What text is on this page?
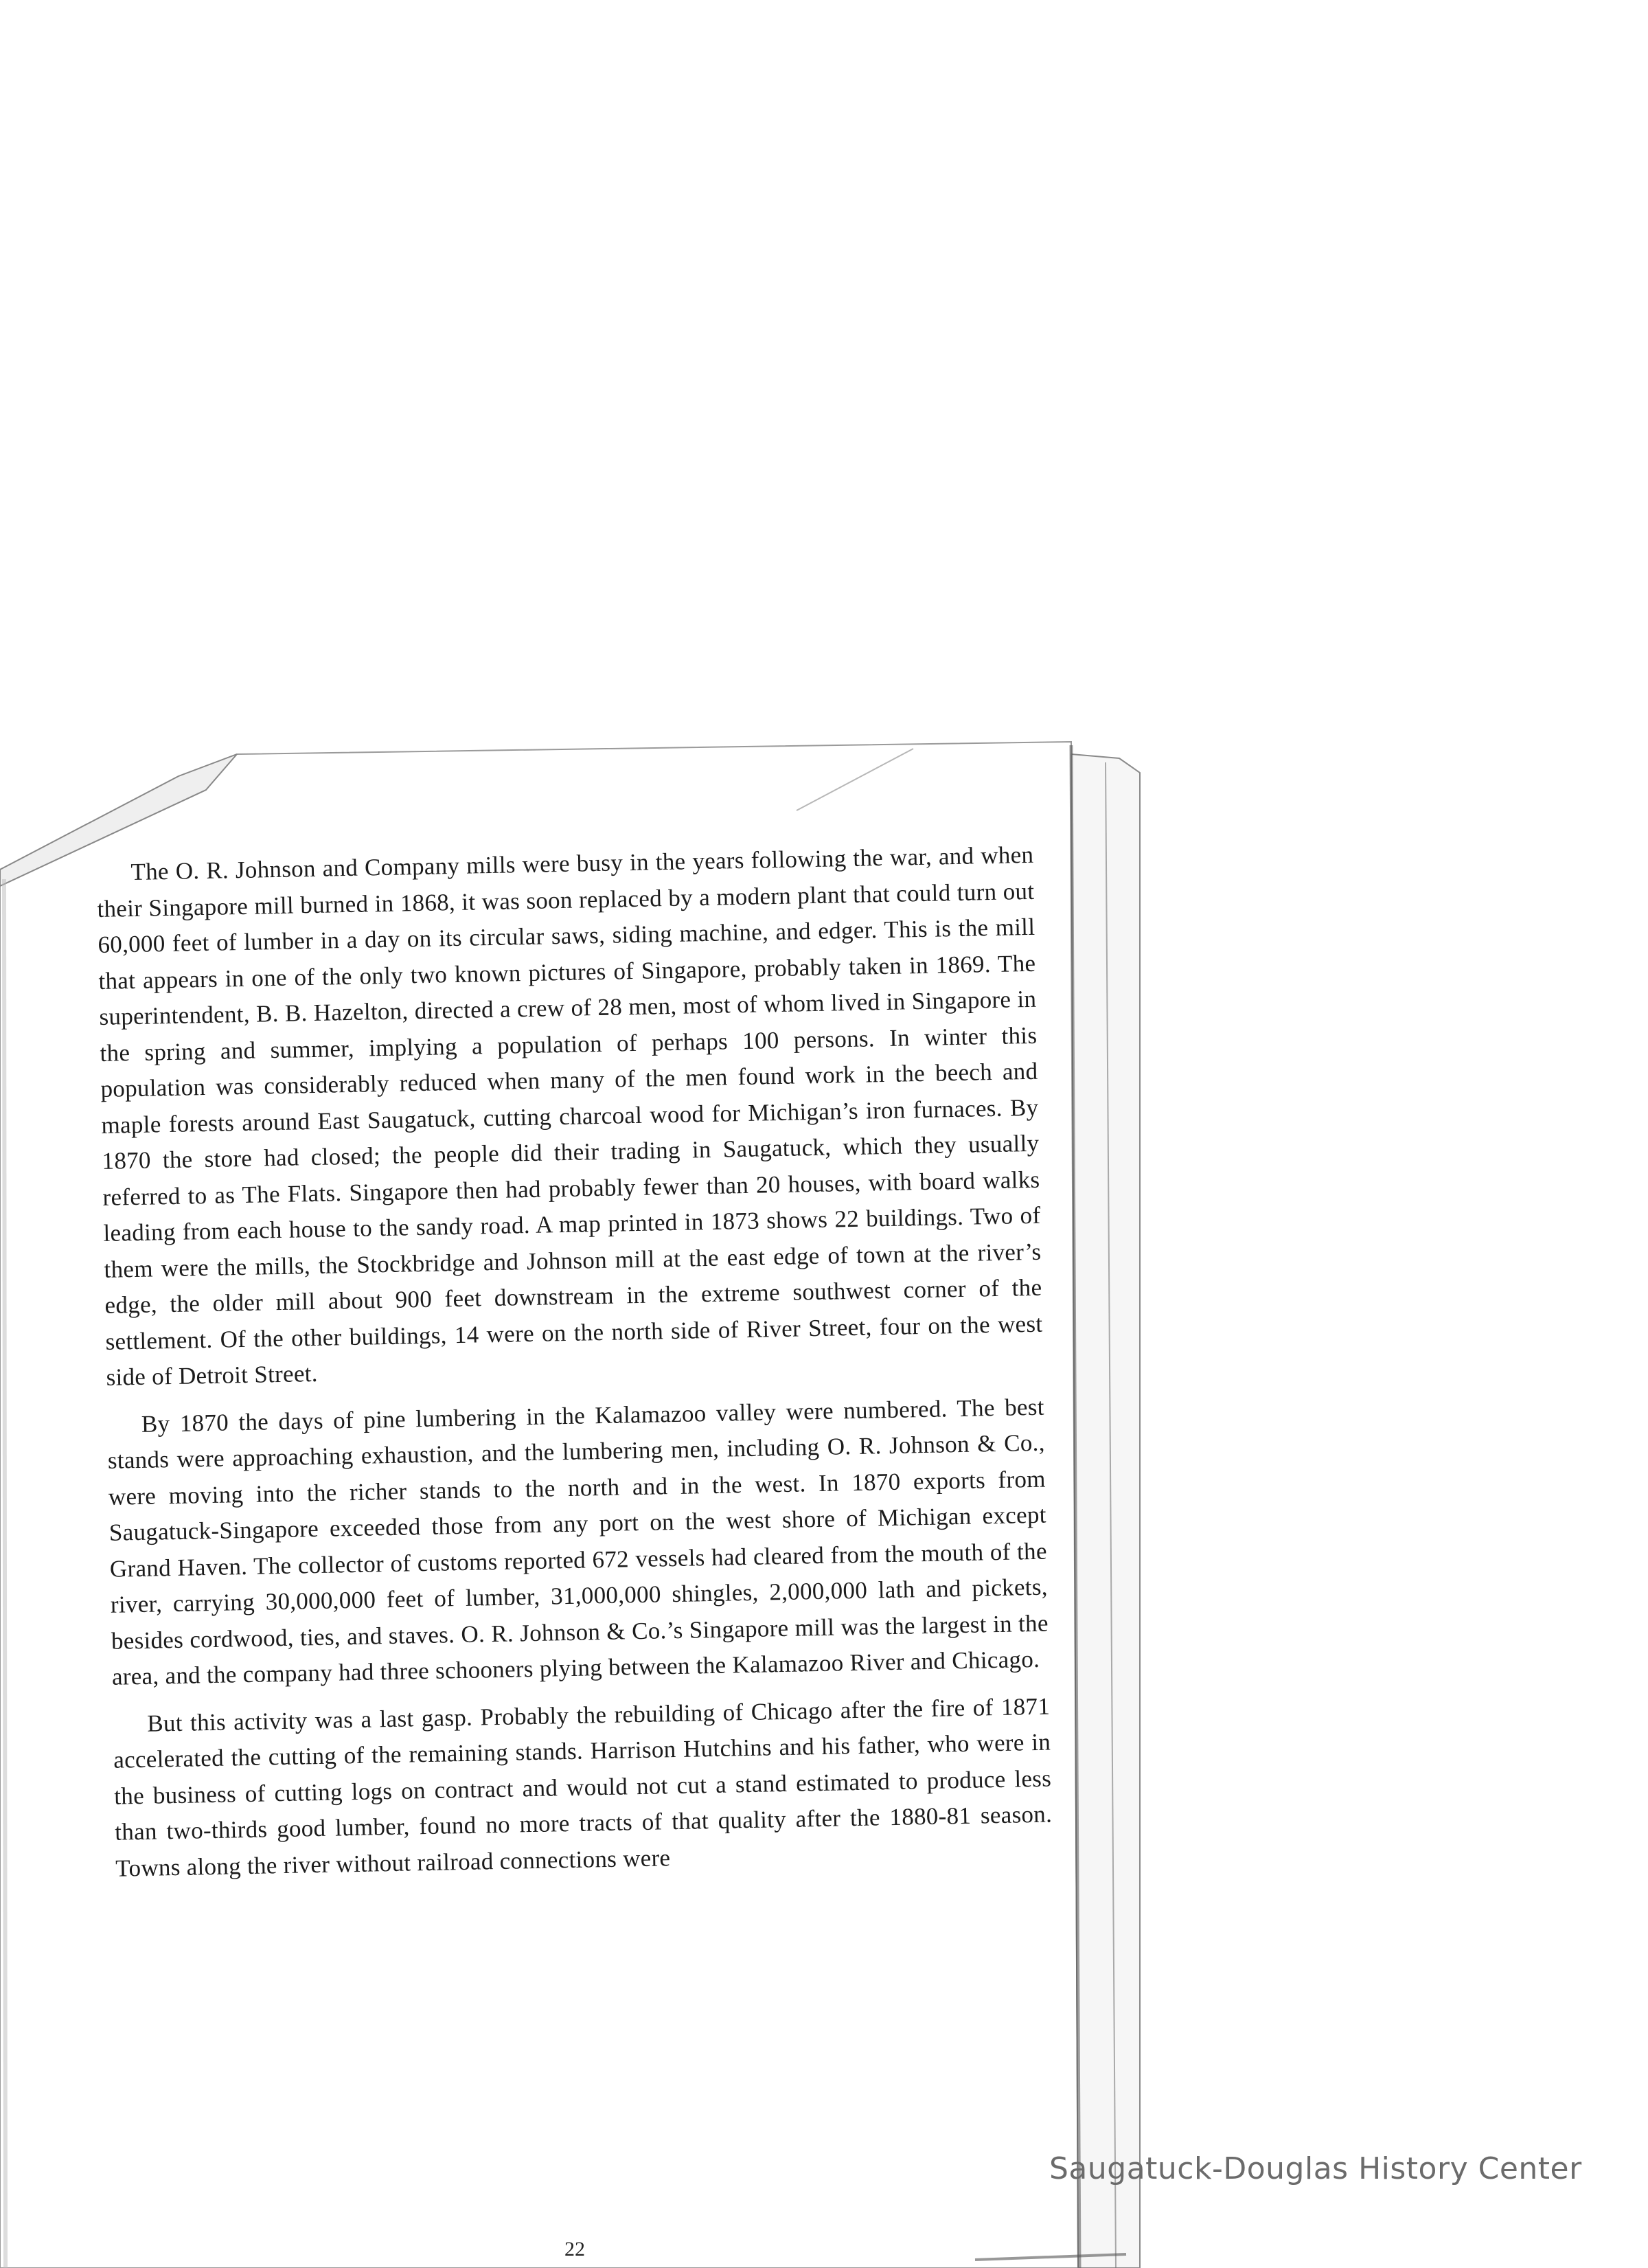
The O. R. Johnson and Company mills were busy in the years following the war, and when their Singapore mill burned in 1868, it was soon replaced by a modern plant that could turn out 60,000 feet of lumber in a day on its circular saws, siding machine, and edger. This is the mill that appears in one of the only two known pictures of Singapore, probably taken in 1869. The superintendent, B. B. Hazelton, directed a crew of 28 men, most of whom lived in Singapore in the spring and summer, implying a population of perhaps 100 persons. In winter this population was considerably reduced when many of the men found work in the beech and maple forests around East Saugatuck, cutting charcoal wood for Michigan’s iron furnaces. By 1870 the store had closed; the people did their trading in Saugatuck, which they usually referred to as The Flats. Singapore then had probably fewer than 20 houses, with board walks leading from each house to the sandy road. A map printed in 1873 shows 22 buildings. Two of them were the mills, the Stockbridge and Johnson mill at the east edge of town at the river’s edge, the older mill about 900 feet downstream in the extreme southwest corner of the settlement. Of the other buildings, 14 were on the north side of River Street, four on the west side of Detroit Street.

By 1870 the days of pine lumbering in the Kalamazoo valley were numbered. The best stands were approaching exhaustion, and the lumbering men, including O. R. Johnson & Co., were moving into the richer stands to the north and in the west. In 1870 exports from Saugatuck-Singapore exceeded those from any port on the west shore of Michigan except Grand Haven. The collector of customs reported 672 vessels had cleared from the mouth of the river, carrying 30,000,000 feet of lumber, 31,000,000 shingles, 2,000,000 lath and pickets, besides cordwood, ties, and staves. O. R. Johnson & Co.’s Singapore mill was the largest in the area, and the company had three schooners plying between the Kalamazoo River and Chicago.

But this activity was a last gasp. Probably the rebuilding of Chicago after the fire of 1871 accelerated the cutting of the remaining stands. Harrison Hutchins and his father, who were in the business of cutting logs on contract and would not cut a stand estimated to produce less than two-thirds good lumber, found no more tracts of that quality after the 1880-81 season. Towns along the river without railroad connections were

22
Saugatuck-Douglas History Center
